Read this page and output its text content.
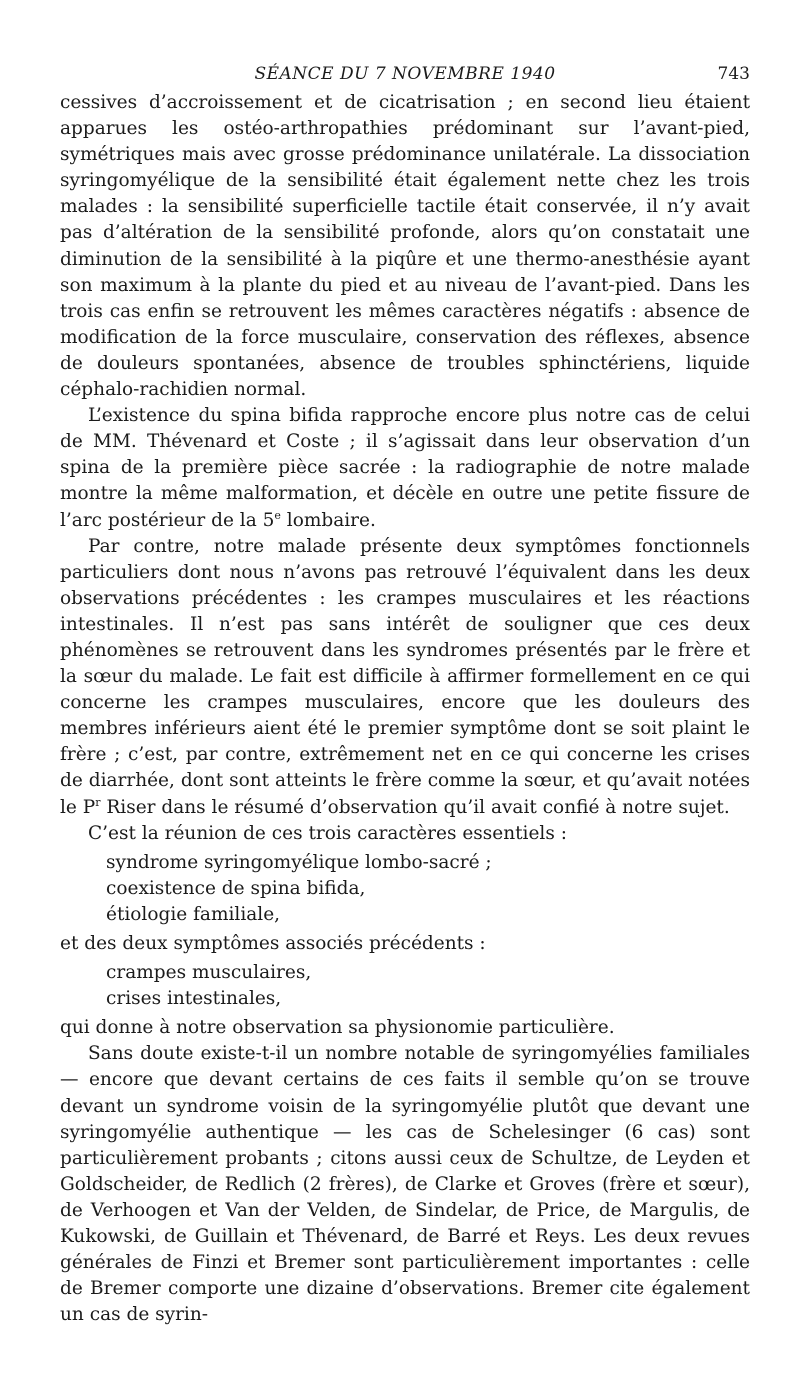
SÉANCE DU 7 NOVEMBRE 1940	743

cessives d’accroissement et de cicatrisation ; en second lieu étaient apparues les ostéo-arthropathies prédominant sur l’avant-pied, symétriques mais avec grosse prédominance unilatérale. La dissociation syringomyélique de la sensibilité était également nette chez les trois malades : la sensibilité superficielle tactile était conservée, il n’y avait pas d’altération de la sensibilité profonde, alors qu’on constatait une diminution de la sensibilité à la piqûre et une thermo-anesthésie ayant son maximum à la plante du pied et au niveau de l’avant-pied. Dans les trois cas enfin se retrouvent les mêmes caractères négatifs : absence de modification de la force musculaire, conservation des réflexes, absence de douleurs spontanées, absence de troubles sphinctériens, liquide céphalo-rachidien normal.

L’existence du spina bifida rapproche encore plus notre cas de celui de MM. Thévenard et Coste ; il s’agissait dans leur observation d’un spina de la première pièce sacrée : la radiographie de notre malade montre la même malformation, et décèle en outre une petite fissure de l’arc postérieur de la 5e lombaire.

Par contre, notre malade présente deux symptômes fonctionnels particuliers dont nous n’avons pas retrouvé l’équivalent dans les deux observations précédentes : les crampes musculaires et les réactions intestinales. Il n’est pas sans intérêt de souligner que ces deux phénomènes se retrouvent dans les syndromes présentés par le frère et la sœur du malade. Le fait est difficile à affirmer formellement en ce qui concerne les crampes musculaires, encore que les douleurs des membres inférieurs aient été le premier symptôme dont se soit plaint le frère ; c’est, par contre, extrêmement net en ce qui concerne les crises de diarrhée, dont sont atteints le frère comme la sœur, et qu’avait notées le $P^r$ Riser dans le résumé d’observation qu’il avait confié à notre sujet.

C’est la réunion de ces trois caractères essentiels :

syndrome syringomyélique lombo-sacré ;
coexistence de spina bifida,
étiologie familiale,

et des deux symptômes associés précédents :

crampes musculaires,
crises intestinales,

qui donne à notre observation sa physionomie particulière.

Sans doute existe-t-il un nombre notable de syringomyélies familiales — encore que devant certains de ces faits il semble qu’on se trouve devant un syndrome voisin de la syringomyélie plutôt que devant une syringomyélie authentique — les cas de Schelesinger (6 cas) sont particulièrement probants ; citons aussi ceux de Schultze, de Leyden et Goldscheider, de Redlich (2 frères), de Clarke et Groves (frère et sœur), de Verhoogen et Van der Velden, de Sindelar, de Price, de Margulis, de Kukowski, de Guillain et Thévenard, de Barré et Reys. Les deux revues générales de Finzi et Bremer sont particulièrement importantes : celle de Bremer comporte une dizaine d’observations. Bremer cite également un cas de syrin-
